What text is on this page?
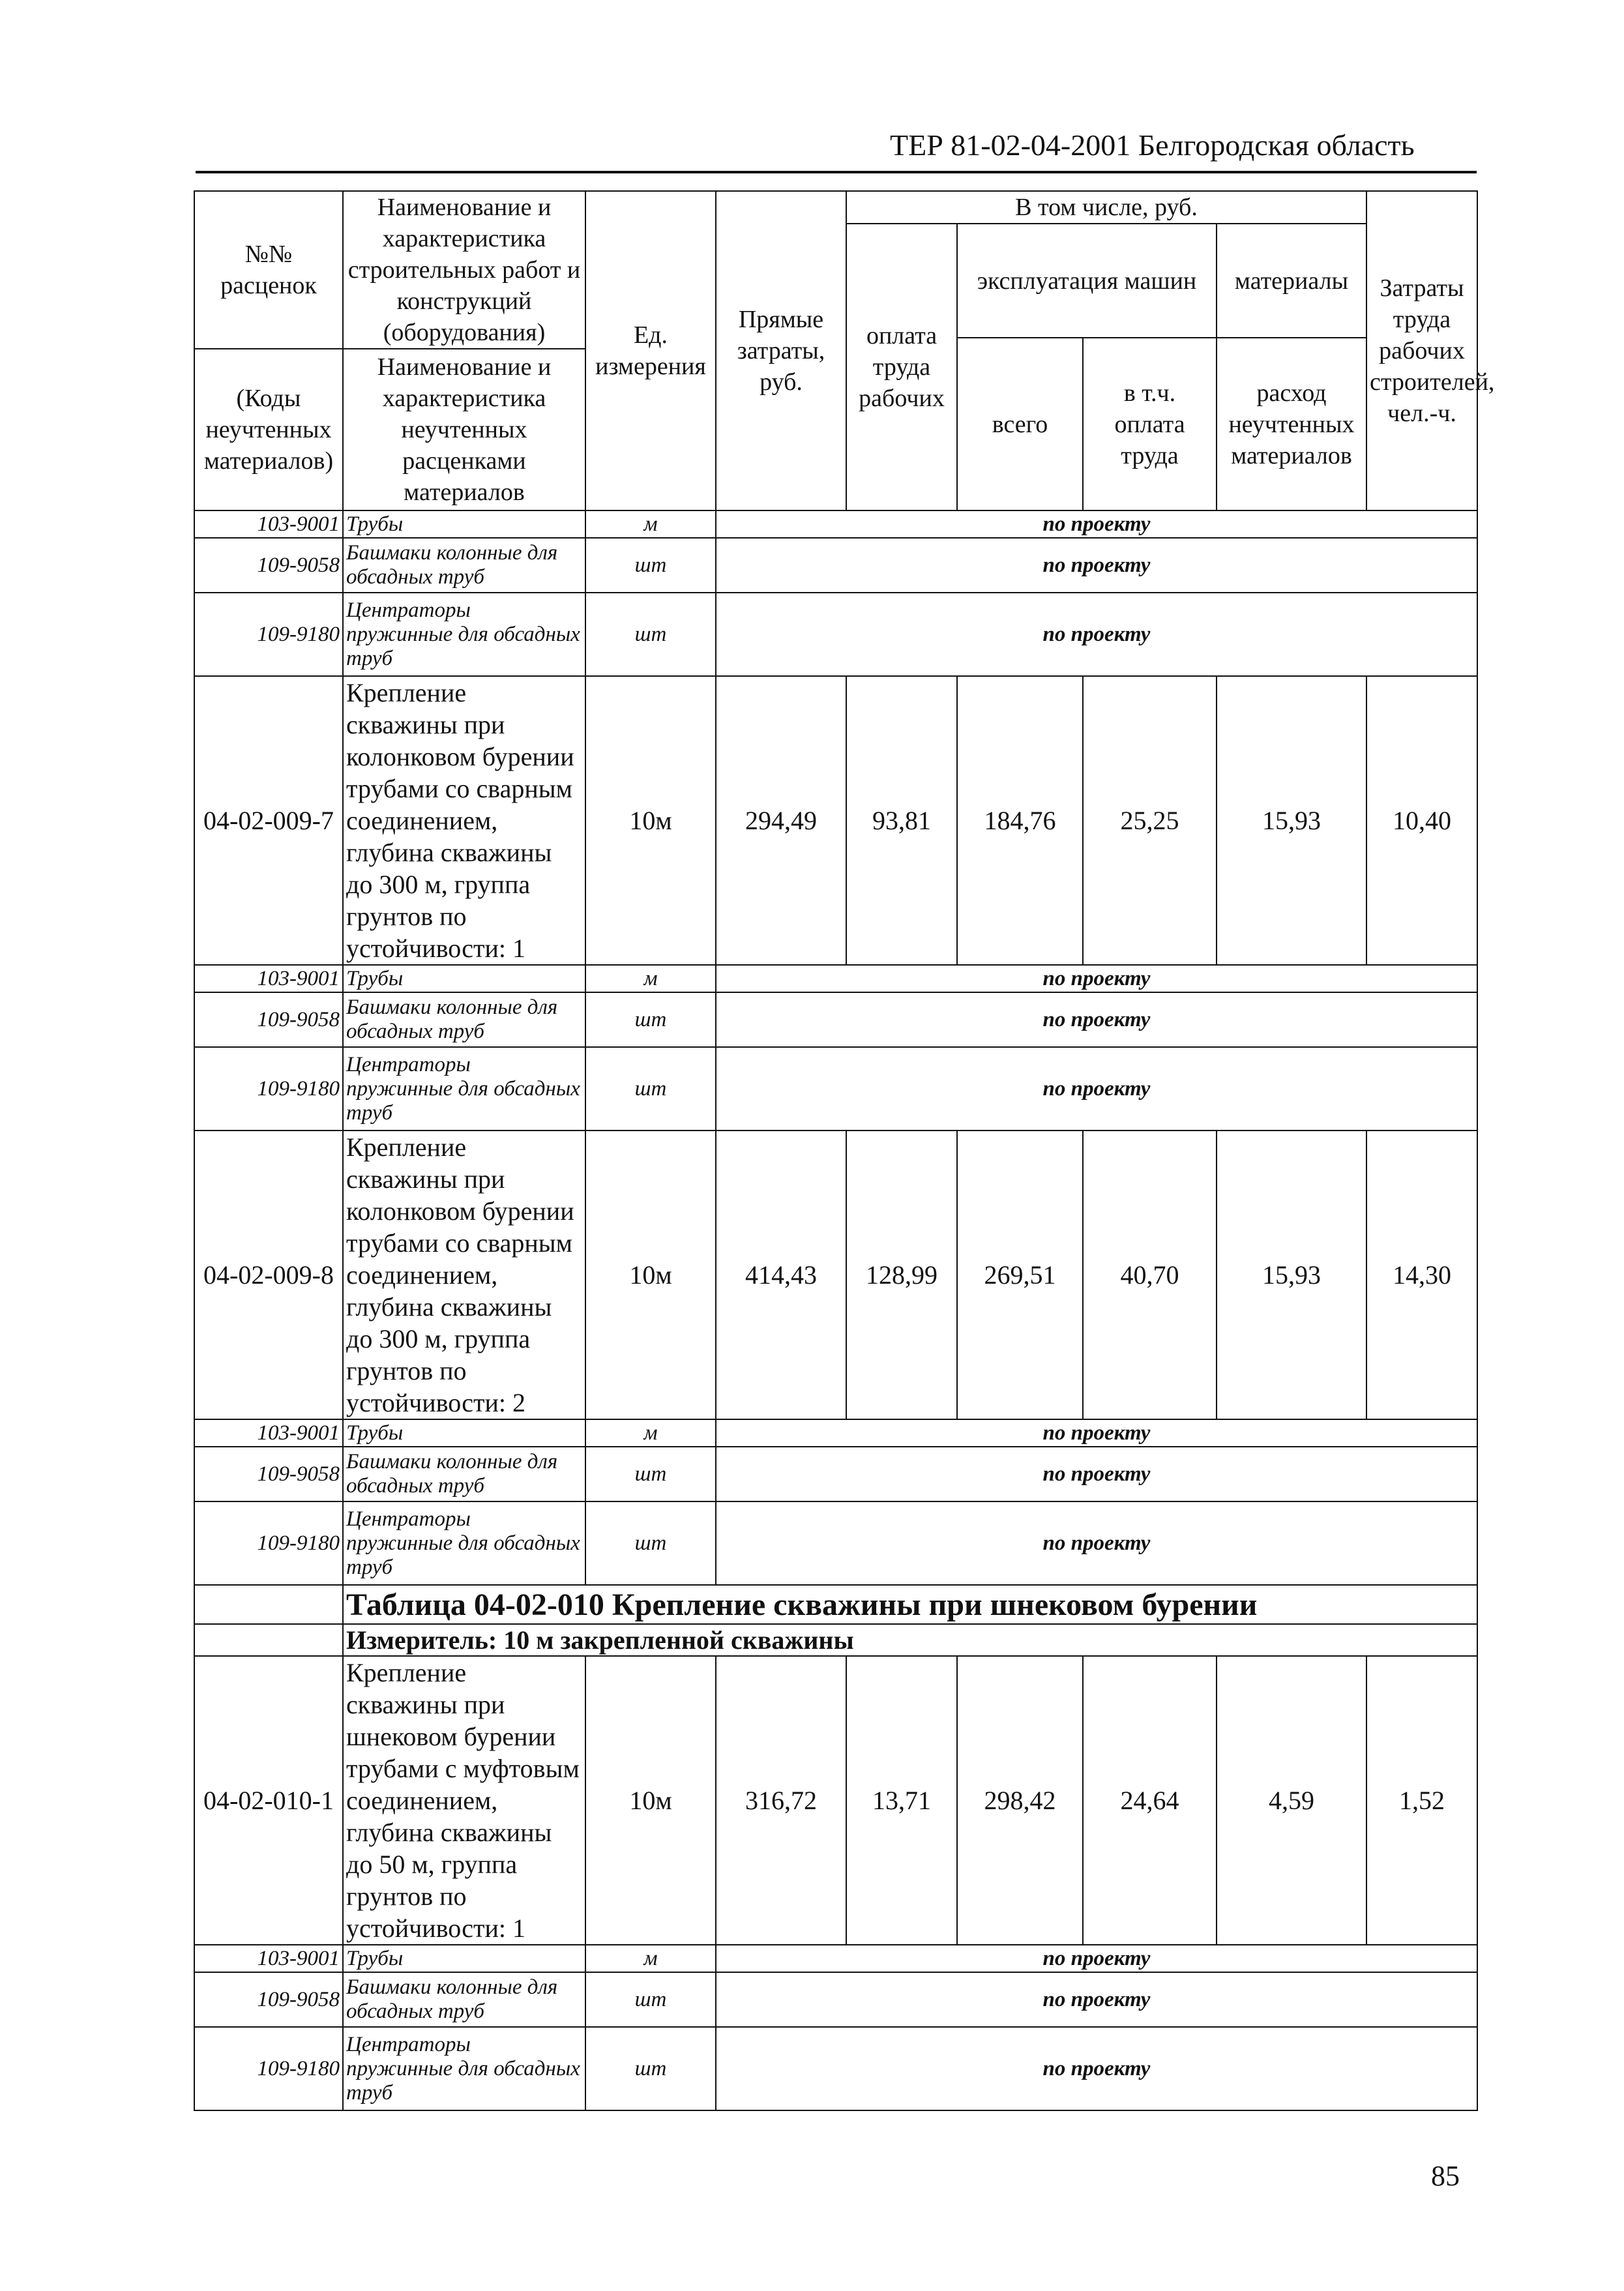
ТЕР 81-02-04-2001 Белгородская область
№№ расценок	Наименование и характеристика строительных работ и конструкций (оборудования)	Ед. измерения	Прямые затраты, руб.	В том числе, руб.				Затраты труда рабочих строителей, чел.-ч.
				оплата труда рабочих	эксплуатация машин		материалы	
					всего	в т.ч. оплата труда	расход неучтенных материалов	
(Коды неучтенных материалов)	Наименование и характеристика неучтенных расценками материалов							
103-9001	Трубы	м	по проекту					
109-9058	Башмаки колонные для обсадных труб	шт	по проекту					
109-9180	Центраторы пружинные для обсадных труб	шт	по проекту					
04-02-009-7	Крепление скважины при колонковом бурении трубами со сварным соединением, глубина скважины до 300 м, группа грунтов по устойчивости: 1	10м	294,49	93,81	184,76	25,25	15,93	10,40
103-9001	Трубы	м	по проекту					
109-9058	Башмаки колонные для обсадных труб	шт	по проекту					
109-9180	Центраторы пружинные для обсадных труб	шт	по проекту					
04-02-009-8	Крепление скважины при колонковом бурении трубами со сварным соединением, глубина скважины до 300 м, группа грунтов по устойчивости: 2	10м	414,43	128,99	269,51	40,70	15,93	14,30
103-9001	Трубы	м	по проекту					
109-9058	Башмаки колонные для обсадных труб	шт	по проекту					
109-9180	Центраторы пружинные для обсадных труб	шт	по проекту					
	Таблица 04-02-010 Крепление скважины при шнековом бурении							
	Измеритель: 10 м закрепленной скважины							
04-02-010-1	Крепление скважины при шнековом бурении трубами с муфтовым соединением, глубина скважины до 50 м, группа грунтов по устойчивости: 1	10м	316,72	13,71	298,42	24,64	4,59	1,52
103-9001	Трубы	м	по проекту					
109-9058	Башмаки колонные для обсадных труб	шт	по проекту					
109-9180	Центраторы пружинные для обсадных труб	шт	по проекту					
85
